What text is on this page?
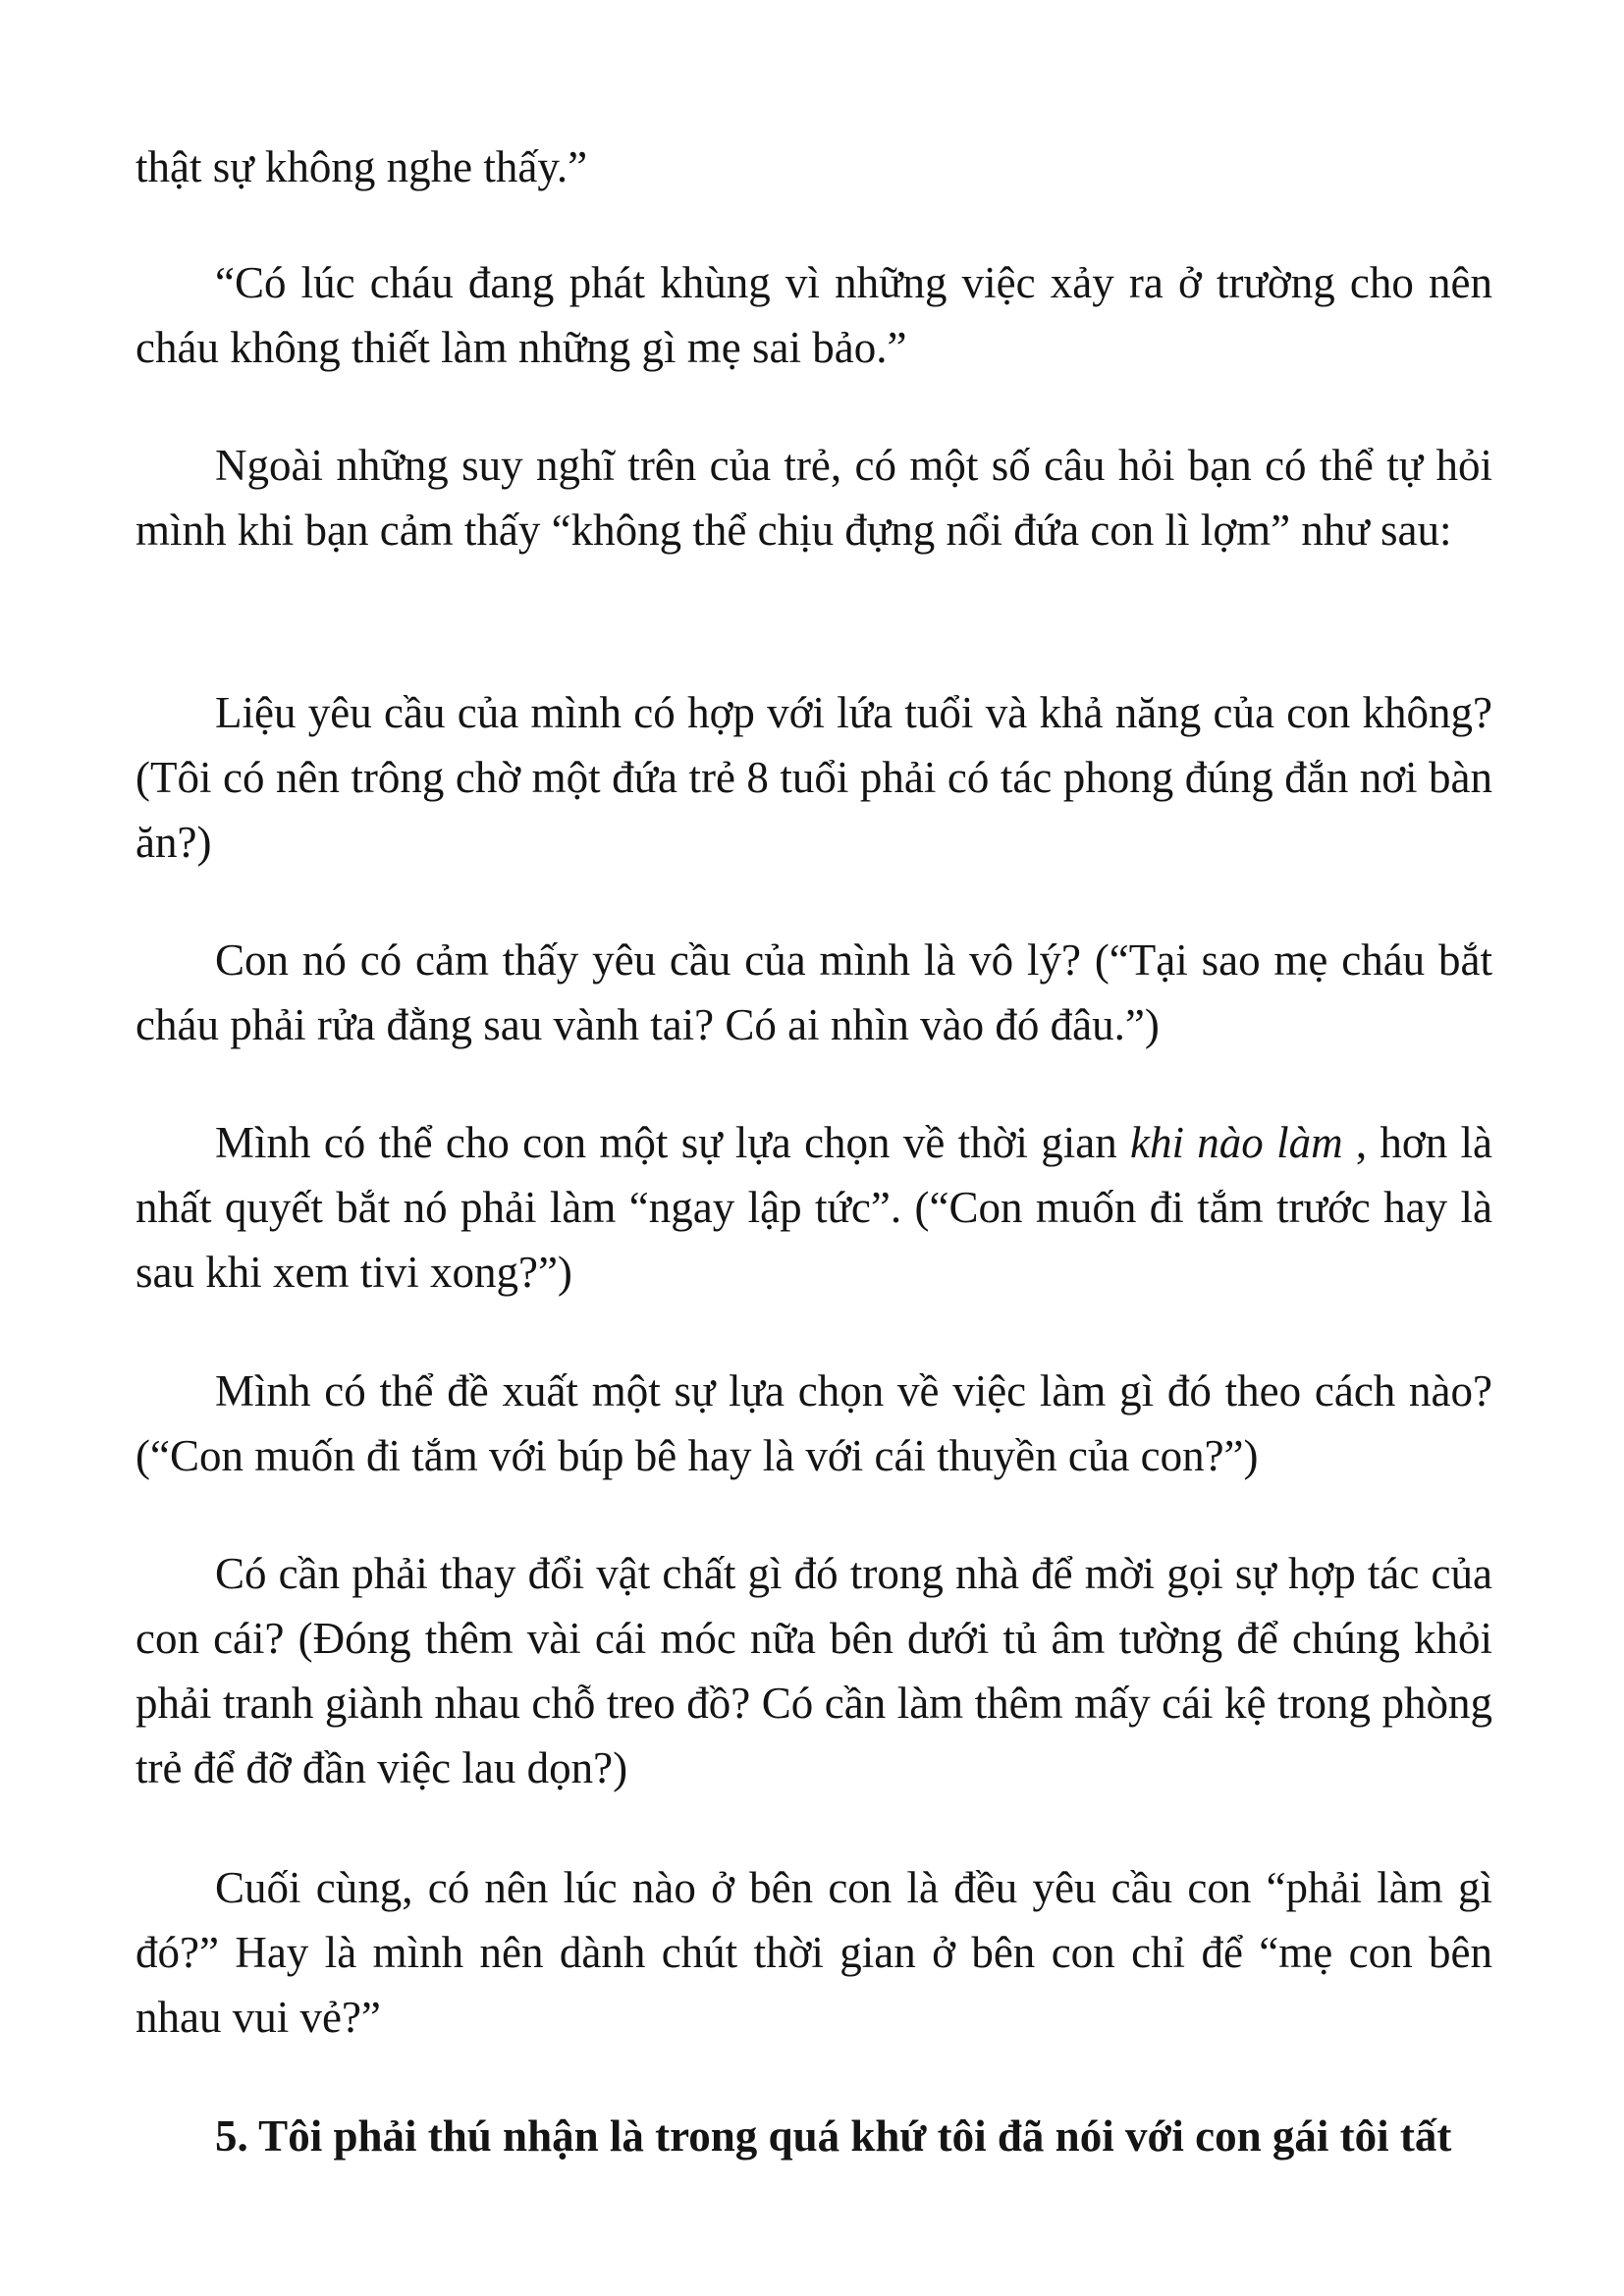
thật sự không nghe thấy.”

“Có lúc cháu đang phát khùng vì những việc xảy ra ở trường cho nên cháu không thiết làm những gì mẹ sai bảo.”

Ngoài những suy nghĩ trên của trẻ, có một số câu hỏi bạn có thể tự hỏi mình khi bạn cảm thấy “không thể chịu đựng nổi đứa con lì lợm” như sau:

Liệu yêu cầu của mình có hợp với lứa tuổi và khả năng của con không? (Tôi có nên trông chờ một đứa trẻ 8 tuổi phải có tác phong đúng đắn nơi bàn ăn?)

Con nó có cảm thấy yêu cầu của mình là vô lý? (“Tại sao mẹ cháu bắt cháu phải rửa đằng sau vành tai? Có ai nhìn vào đó đâu.”)

Mình có thể cho con một sự lựa chọn về thời gian khi nào làm , hơn là nhất quyết bắt nó phải làm “ngay lập tức”. (“Con muốn đi tắm trước hay là sau khi xem tivi xong?”)

Mình có thể đề xuất một sự lựa chọn về việc làm gì đó theo cách nào? (“Con muốn đi tắm với búp bê hay là với cái thuyền của con?”)

Có cần phải thay đổi vật chất gì đó trong nhà để mời gọi sự hợp tác của con cái? (Đóng thêm vài cái móc nữa bên dưới tủ âm tường để chúng khỏi phải tranh giành nhau chỗ treo đồ? Có cần làm thêm mấy cái kệ trong phòng trẻ để đỡ đần việc lau dọn?)

Cuối cùng, có nên lúc nào ở bên con là đều yêu cầu con “phải làm gì đó?” Hay là mình nên dành chút thời gian ở bên con chỉ để “mẹ con bên nhau vui vẻ?”

5. Tôi phải thú nhận là trong quá khứ tôi đã nói với con gái tôi tất
